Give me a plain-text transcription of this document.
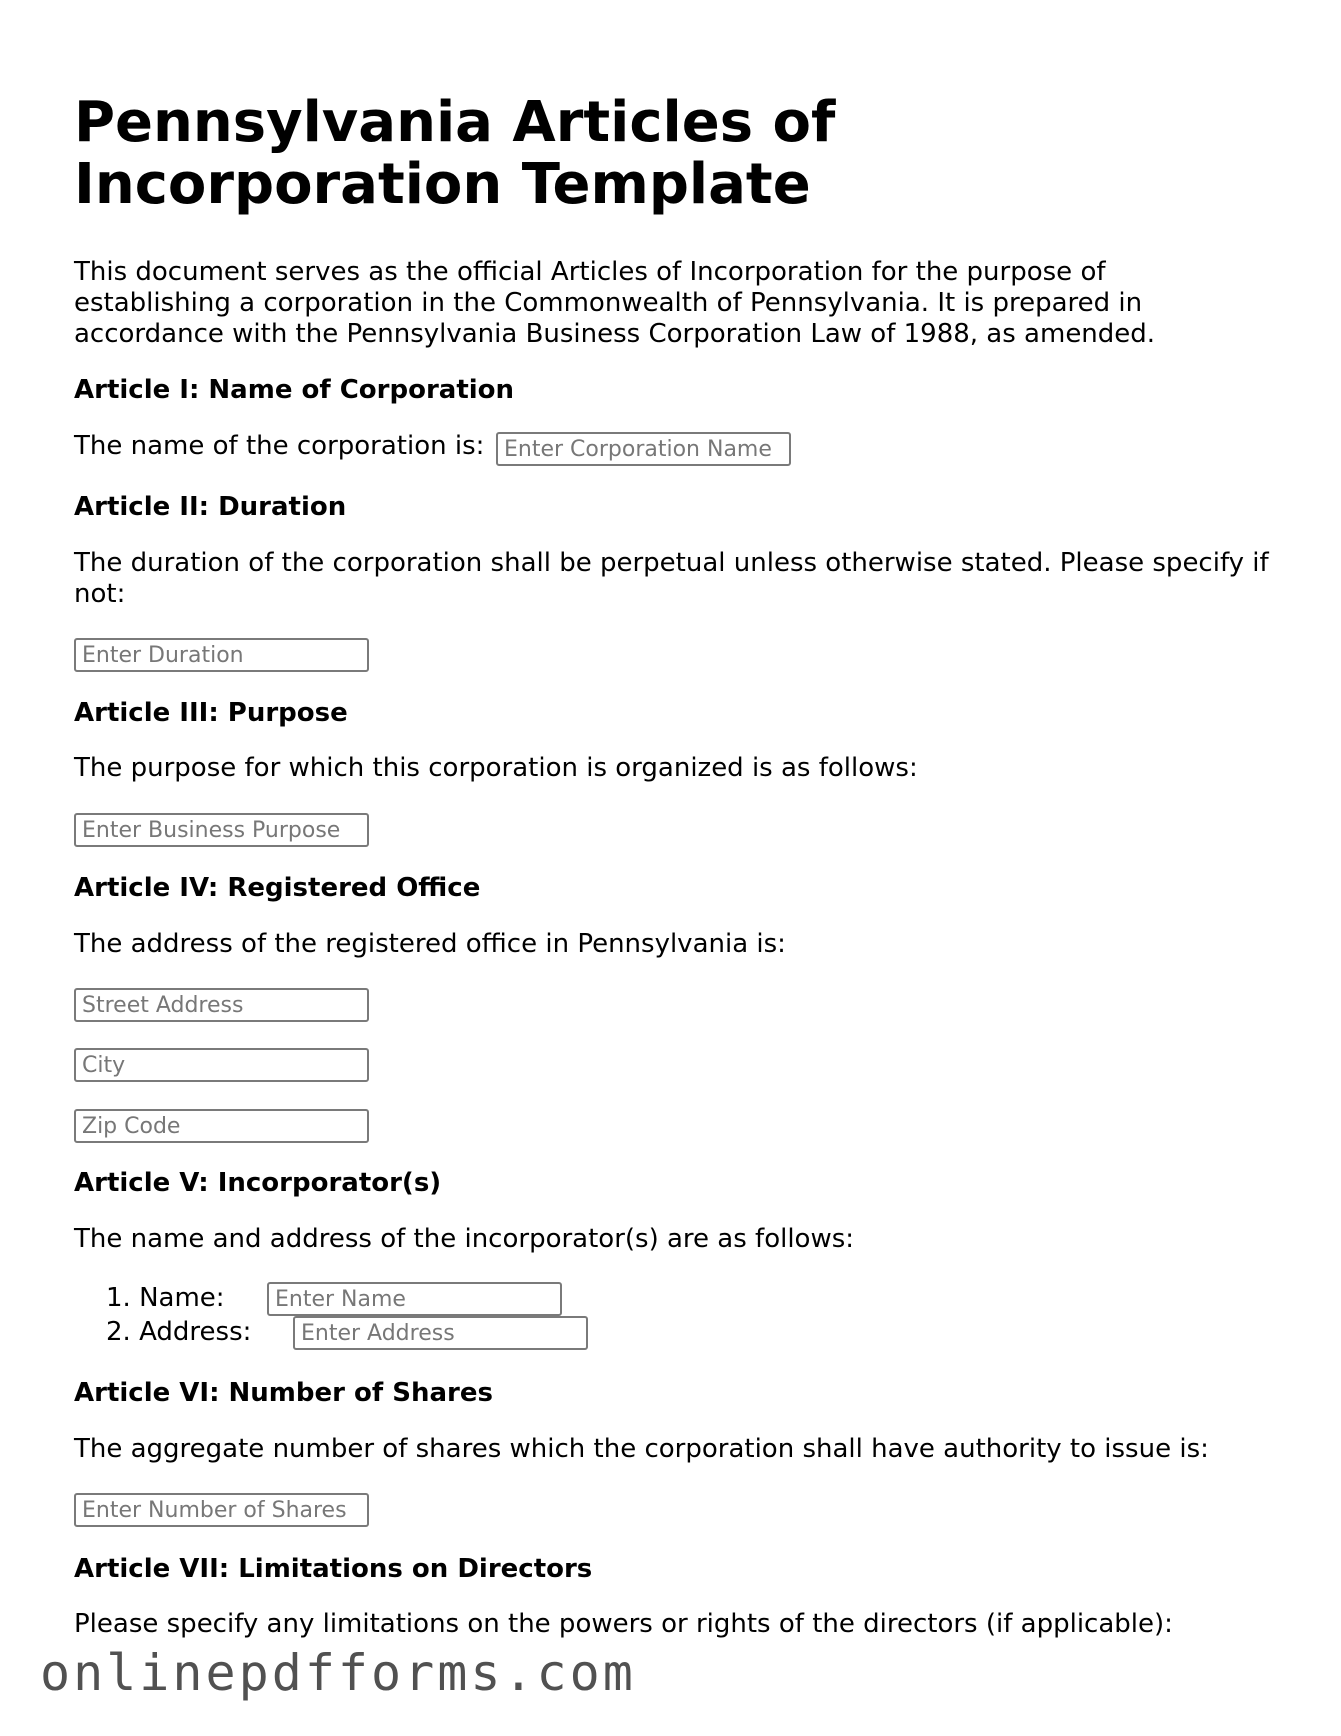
Pennsylvania Articles of Incorporation Template

This document serves as the official Articles of Incorporation for the purpose of establishing a corporation in the Commonwealth of Pennsylvania. It is prepared in accordance with the Pennsylvania Business Corporation Law of 1988, as amended.

Article I: Name of Corporation

The name of the corporation is:

Enter Corporation Name
Article II: Duration

The duration of the corporation shall be perpetual unless otherwise stated. Please specify if not:

Enter Duration
Article III: Purpose

The purpose for which this corporation is organized is as follows:

Enter Business Purpose
Article IV: Registered Office

The address of the registered office in Pennsylvania is:

Street Address
City
Zip Code
Article V: Incorporator(s)

The name and address of the incorporator(s) are as follows:

1. Name:
Enter Name
2. Address:
Enter Address
Article VI: Number of Shares

The aggregate number of shares which the corporation shall have authority to issue is:

Enter Number of Shares
Article VII: Limitations on Directors

Please specify any limitations on the powers or rights of the directors (if applicable):

onlinepdfforms.com
